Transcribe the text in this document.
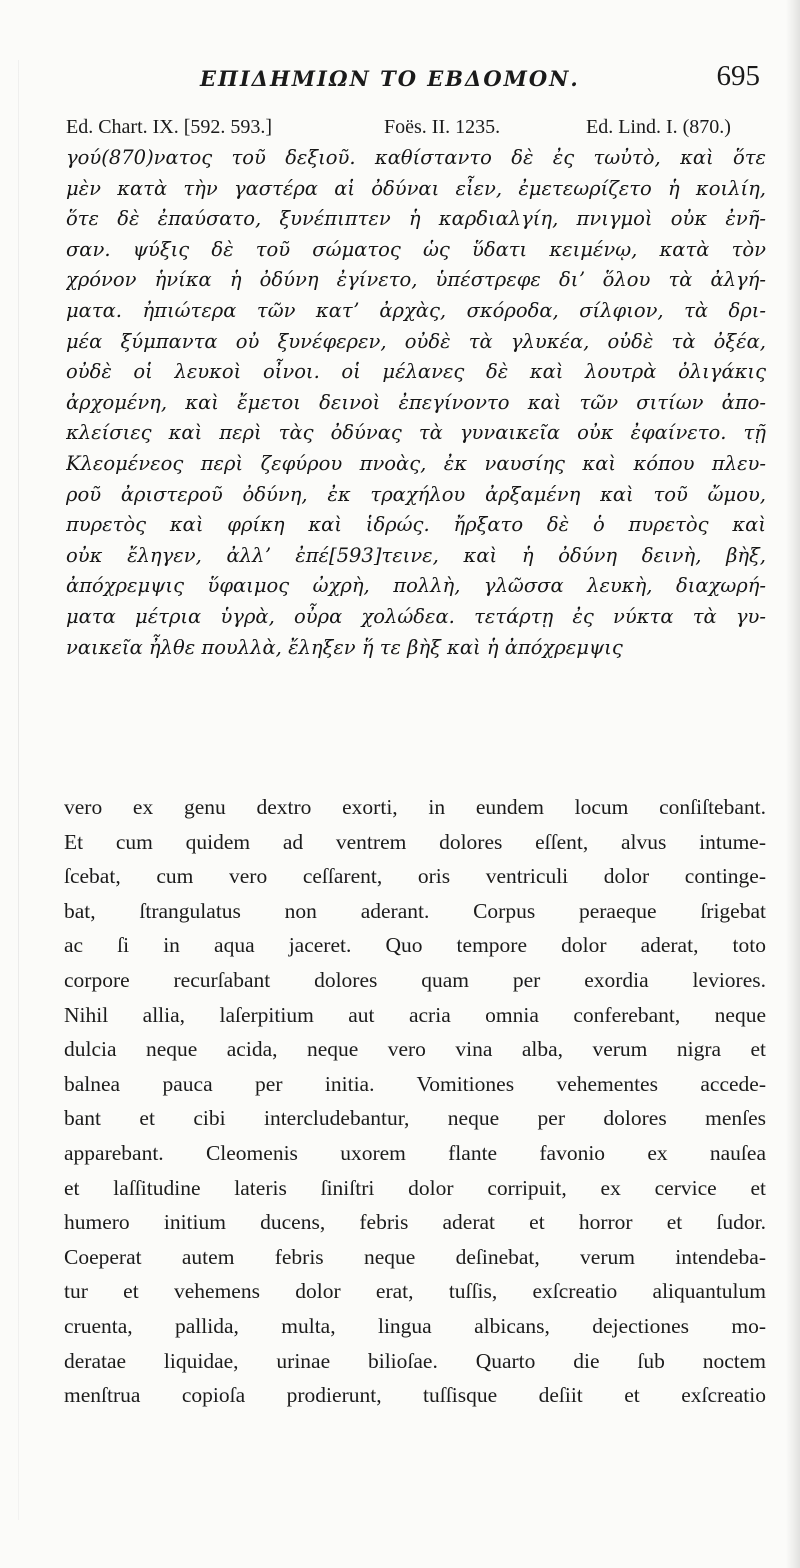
ΕΠΙΔΗΜΙΩΝ ΤΟ ΕΒΔΟΜΟΝ.	695
Ed. Chart. IX. [592. 593.]	Foës. II. 1235.	Ed. Lind. I. (870.)
γού(870)νατος τοῦ δεξιοῦ. καθίσταντο δὲ ἐς τωὐτὸ, καὶ ὅτε
μὲν κατὰ τὴν γαστέρα αἱ ὀδύναι εἶεν, ἐμετεωρίζετο ἡ κοιλίη,
ὅτε δὲ ἐπαύσατο, ξυνέπιπτεν ἡ καρδιαλγίη, πνιγμοὶ οὐκ ἐνῆ-
σαν. ψύξις δὲ τοῦ σώματος ὡς ὕδατι κειμένῳ, κατὰ τὸν
χρόνον ἡνίκα ἡ ὀδύνη ἐγίνετο, ὑπέστρεφε διʼ ὅλου τὰ ἀλγή-
ματα. ἠπιώτερα τῶν κατʼ ἀρχὰς, σκόροδα, σίλφιον, τὰ δρι-
μέα ξύμπαντα οὐ ξυνέφερεν, οὐδὲ τὰ γλυκέα, οὐδὲ τὰ ὀξέα,
οὐδὲ οἱ λευκοὶ οἶνοι. οἱ μέλανες δὲ καὶ λουτρὰ ὀλιγάκις
ἀρχομένη, καὶ ἔμετοι δεινοὶ ἐπεγίνοντο καὶ τῶν σιτίων ἀπο-
κλείσιες καὶ περὶ τὰς ὀδύνας τὰ γυναικεῖα οὐκ ἐφαίνετο. τῇ
Κλεομένεος περὶ ζεφύρου πνοὰς, ἐκ ναυσίης καὶ κόπου πλευ-
ροῦ ἀριστεροῦ ὀδύνη, ἐκ τραχήλου ἀρξαμένη καὶ τοῦ ὤμου,
πυρετὸς καὶ φρίκη καὶ ἱδρώς. ἤρξατο δὲ ὁ πυρετὸς καὶ
οὐκ ἔληγεν, ἀλλʼ ἐπέ[593]τεινε, καὶ ἡ ὀδύνη δεινὴ, βὴξ,
ἀπόχρεμψις ὕφαιμος ὠχρὴ, πολλὴ, γλῶσσα λευκὴ, διαχωρή-
ματα μέτρια ὑγρὰ, οὖρα χολώδεα. τετάρτῃ ἐς νύκτα τὰ γυ-
ναικεῖα ἦλθε πουλλὰ, ἔληξεν ἥ τε βὴξ καὶ ἡ ἀπόχρεμψις
vero ex genu dextro exorti, in eundem locum conſiſtebant.
Et cum quidem ad ventrem dolores eſſent, alvus intume-
ſcebat, cum vero ceſſarent, oris ventriculi dolor continge-
bat, ſtrangulatus non aderant. Corpus peraeque ſrigebat
ac ſi in aqua jaceret. Quo tempore dolor aderat, toto
corpore recurſabant dolores quam per exordia leviores.
Nihil allia, laſerpitium aut acria omnia conferebant, neque
dulcia neque acida, neque vero vina alba, verum nigra et
balnea pauca per initia. Vomitiones vehementes accede-
bant et cibi intercludebantur, neque per dolores menſes
apparebant. Cleomenis uxorem flante favonio ex nauſea
et laſſitudine lateris ſiniſtri dolor corripuit, ex cervice et
humero initium ducens, febris aderat et horror et ſudor.
Coeperat autem febris neque deſinebat, verum intendeba-
tur et vehemens dolor erat, tuſſis, exſcreatio aliquantulum
cruenta, pallida, multa, lingua albicans, dejectiones mo-
deratae liquidae, urinae bilioſae. Quarto die ſub noctem
menſtrua copioſa prodierunt, tuſſisque deſiit et exſcreatio
